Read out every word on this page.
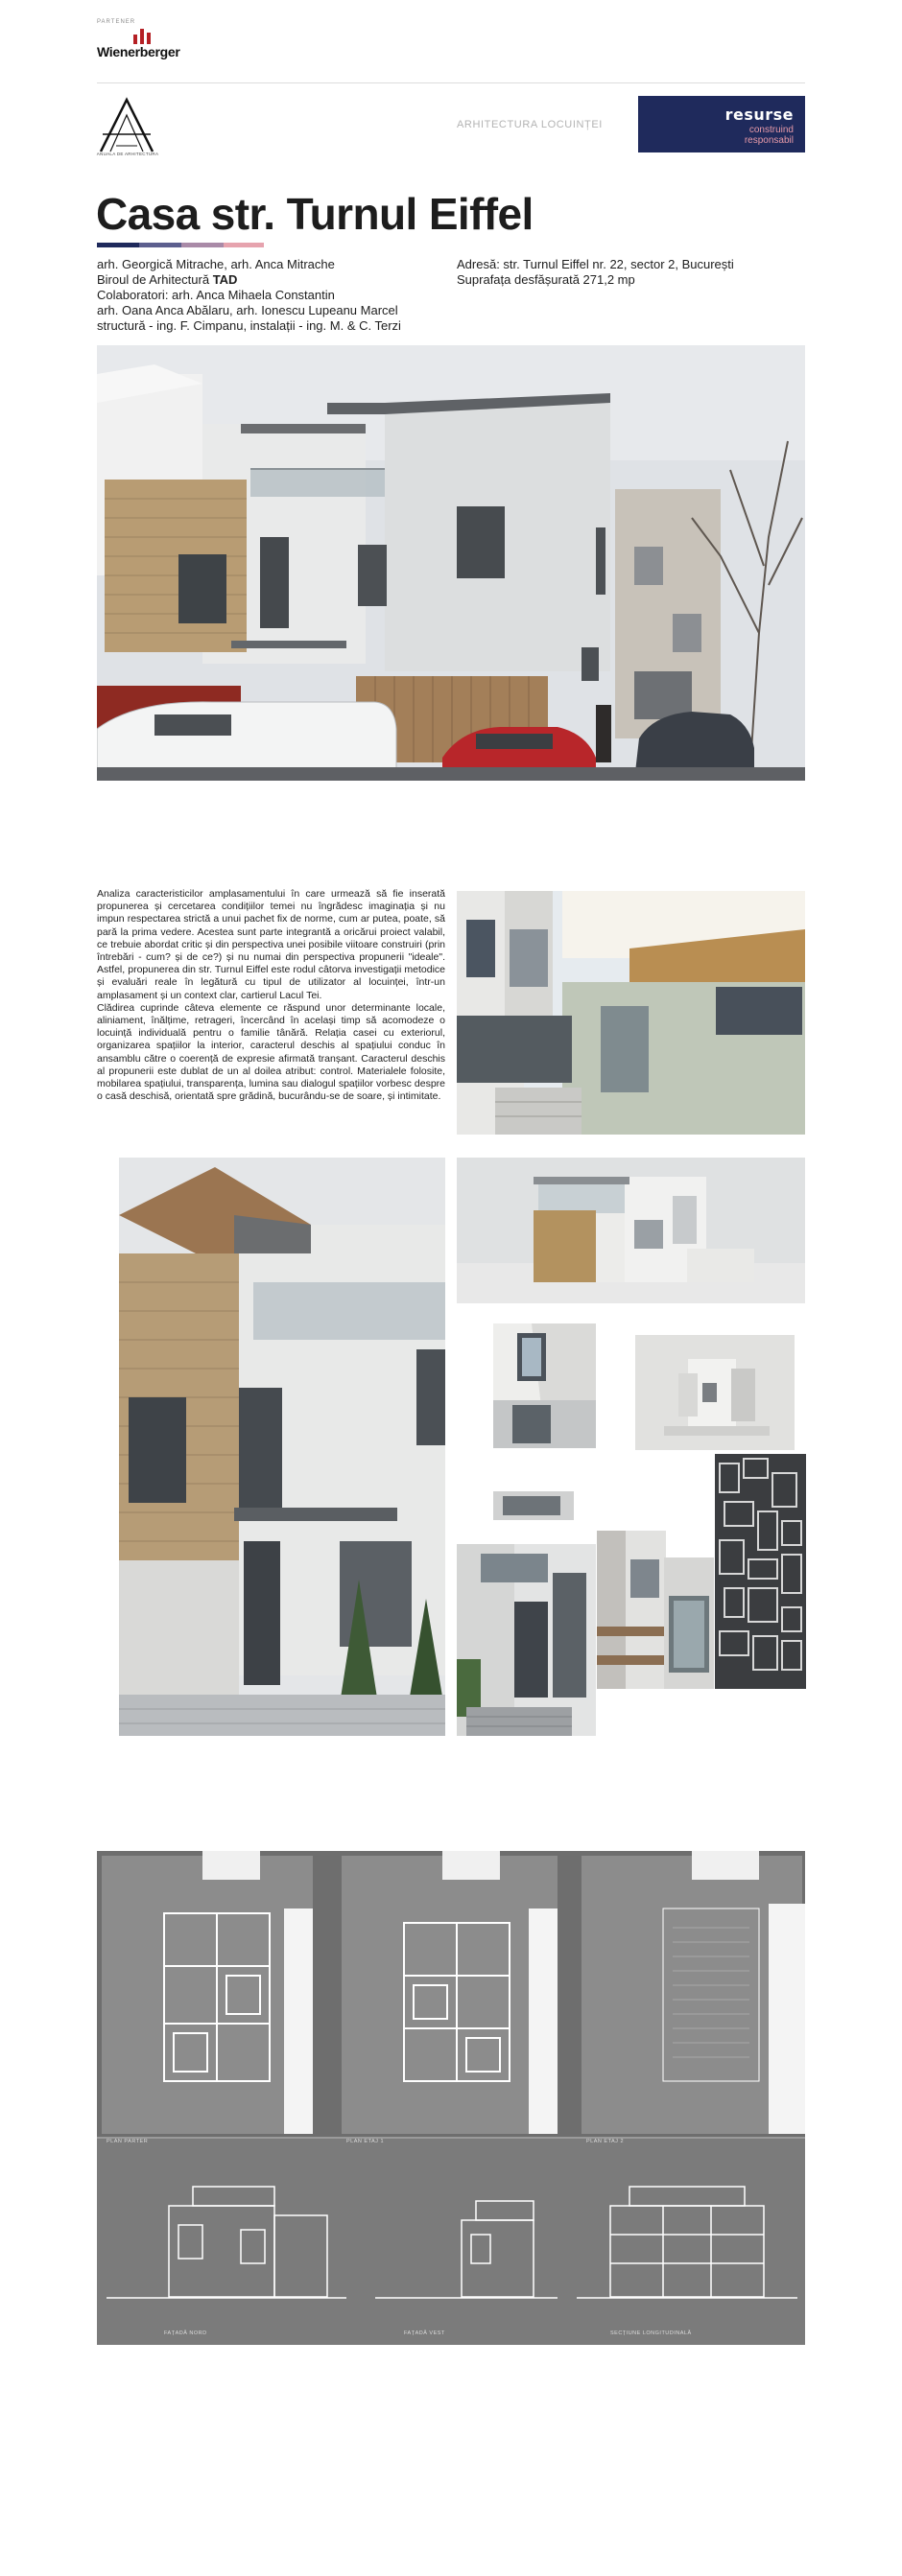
PARTENER
Wienerberger
ANUALA DE ARHITECTURA
ARHITECTURA LOCUINȚEI
resurse
construind
responsabil
Casa str. Turnul Eiffel
arh. Georgică Mitrache, arh. Anca Mitrache
Biroul de Arhitectură TAD
Colaboratori: arh. Anca Mihaela Constantin
arh. Oana Anca Abălaru, arh. Ionescu Lupeanu Marcel
structură - ing. F. Cimpanu, instalații - ing. M. & C. Terzi
Adresă: str. Turnul Eiffel nr. 22, sector 2, București
Suprafața desfășurată 271,2 mp

Analiza caracteristicilor amplasamentului în care urmează să fie inserată propunerea și cercetarea condițiilor temei nu îngrădesc imaginația și nu impun respectarea strictă a unui pachet fix de norme, cum ar putea, poate, să pară la prima vedere. Acestea sunt parte integrantă a oricărui proiect valabil, ce trebuie abordat critic și din perspectiva unei posibile viitoare construiri (prin întrebări - cum? și de ce?) și nu numai din perspectiva propunerii "ideale". Astfel, propunerea din str. Turnul Eiffel este rodul câtorva investigații metodice și evaluări reale în legătură cu tipul de utilizator al locuinței, într-un amplasament și un context clar, cartierul Lacul Tei.

Clădirea cuprinde câteva elemente ce răspund unor determinante locale, aliniament, înălțime, retrageri, încercând în același timp să acomodeze o locuință individuală pentru o familie tânără. Relația casei cu exteriorul, organizarea spațiilor la interior, caracterul deschis al spațiului conduc în ansamblu către o coerență de expresie afirmată tranșant. Caracterul deschis al propunerii este dublat de un al doilea atribut: control. Materialele folosite, mobilarea spațiului, transparența, lumina sau dialogul spațiilor vorbesc despre o casă deschisă, orientată spre grădină, bucurându-se de soare, și intimitate.

PLAN PARTER	PLAN ETAJ 1	PLAN ETAJ 2
FAȚADĂ NORD	FAȚADĂ VEST	SECȚIUNE LONGITUDINALĂ
